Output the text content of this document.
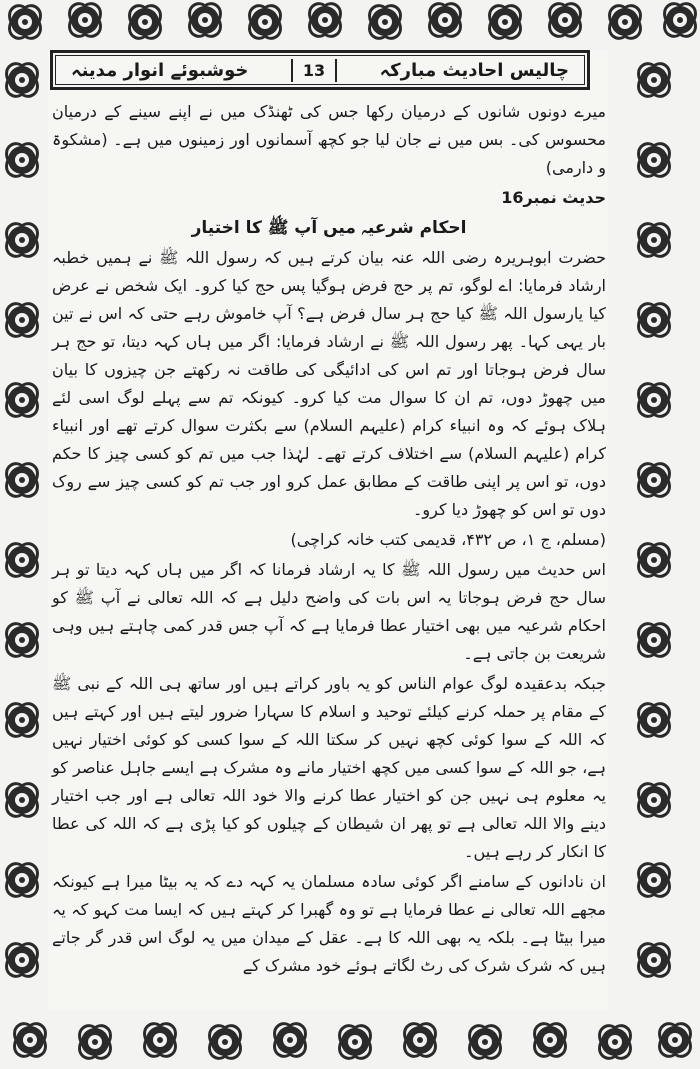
چالیس احادیث مبارکہ
13
خوشبوئے انوار مدینہ

میرے دونوں شانوں کے درمیان رکھا جس کی ٹھنڈک میں نے اپنے سینے کے درمیان محسوس کی۔ بس میں نے جان لیا جو کچھ آسمانوں اور زمینوں میں ہے۔ (مشکوۃ و دارمی)

حدیث نمبر16

احکام شرعیہ میں آپ ﷺ کا اختیار

حضرت ابوہریرہ رضی اللہ عنہ بیان کرتے ہیں کہ رسول اللہ ﷺ نے ہمیں خطبہ ارشاد فرمایا: اے لوگو، تم پر حج فرض ہوگیا پس حج کیا کرو۔ ایک شخص نے عرض کیا یارسول اللہ ﷺ کیا حج ہر سال فرض ہے؟ آپ خاموش رہے حتی کہ اس نے تین بار یہی کہا۔ پھر رسول اللہ ﷺ نے ارشاد فرمایا: اگر میں ہاں کہہ دیتا، تو حج ہر سال فرض ہوجاتا اور تم اس کی ادائیگی کی طاقت نہ رکھتے جن چیزوں کا بیان میں چھوڑ دوں، تم ان کا سوال مت کیا کرو۔ کیونکہ تم سے پہلے لوگ اسی لئے ہلاک ہوئے کہ وہ انبیاء کرام (علیہم السلام) سے بکثرت سوال کرتے تھے اور انبیاء کرام (علیہم السلام) سے اختلاف کرتے تھے۔ لہٰذا جب میں تم کو کسی چیز کا حکم دوں، تو اس پر اپنی طاقت کے مطابق عمل کرو اور جب تم کو کسی چیز سے روک دوں تو اس کو چھوڑ دیا کرو۔

(مسلم، ج ۱، ص ۴۳۲، قدیمی کتب خانہ کراچی)

اس حدیث میں رسول اللہ ﷺ کا یہ ارشاد فرمانا کہ اگر میں ہاں کہہ دیتا تو ہر سال حج فرض ہوجاتا یہ اس بات کی واضح دلیل ہے کہ اللہ تعالی نے آپ ﷺ کو احکام شرعیہ میں بھی اختیار عطا فرمایا ہے کہ آپ جس قدر کمی چاہتے ہیں وہی شریعت بن جاتی ہے۔

جبکہ بدعقیدہ لوگ عوام الناس کو یہ باور کراتے ہیں اور ساتھ ہی اللہ کے نبی ﷺ کے مقام پر حملہ کرنے کیلئے توحید و اسلام کا سہارا ضرور لیتے ہیں اور کہتے ہیں کہ اللہ کے سوا کوئی کچھ نہیں کر سکتا اللہ کے سوا کسی کو کوئی اختیار نہیں ہے، جو اللہ کے سوا کسی میں کچھ اختیار مانے وہ مشرک ہے ایسے جاہل عناصر کو یہ معلوم ہی نہیں جن کو اختیار عطا کرنے والا خود اللہ تعالی ہے اور جب اختیار دینے والا اللہ تعالی ہے تو پھر ان شیطان کے چیلوں کو کیا پڑی ہے کہ اللہ کی عطا کا انکار کر رہے ہیں۔

ان نادانوں کے سامنے اگر کوئی سادہ مسلمان یہ کہہ دے کہ یہ بیٹا میرا ہے کیونکہ مجھے اللہ تعالی نے عطا فرمایا ہے تو وہ گھبرا کر کہتے ہیں کہ ایسا مت کہو کہ یہ میرا بیٹا ہے۔ بلکہ یہ بھی اللہ کا ہے۔ عقل کے میدان میں یہ لوگ اس قدر گر جاتے ہیں کہ شرک شرک کی رٹ لگاتے ہوئے خود مشرک کے
